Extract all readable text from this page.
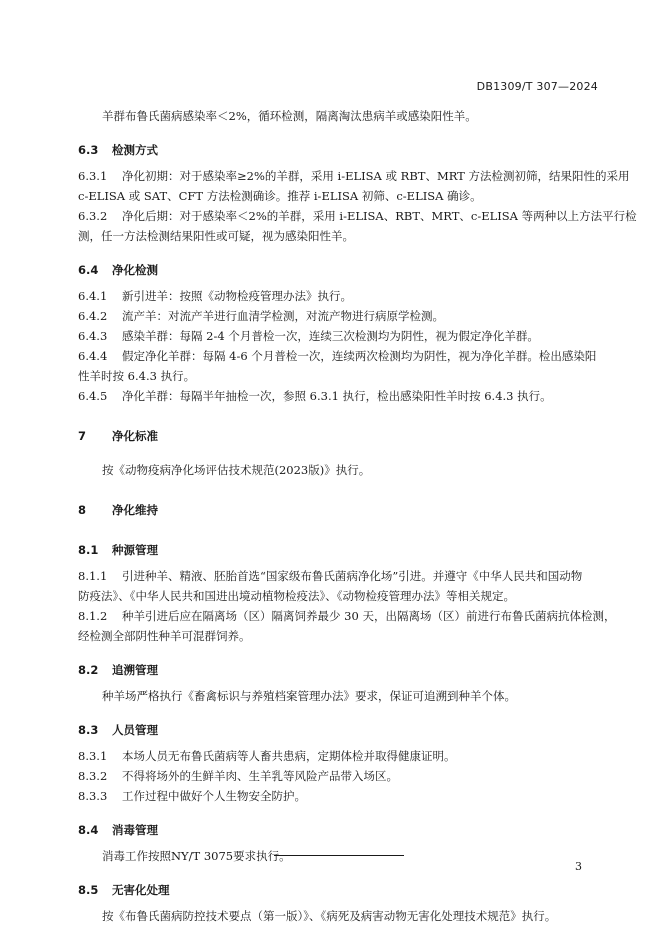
DB1309/T 307—2024
羊群布鲁氏菌病感染率＜2%，循环检测，隔离淘汰患病羊或感染阳性羊。
6.3 检测方式
6.3.1 净化初期：对于感染率≥2%的羊群，采用 i-ELISA 或 RBT、MRT 方法检测初筛，结果阳性的采用
c-ELISA 或 SAT、CFT 方法检测确诊。推荐 i-ELISA 初筛、c-ELISA 确诊。
6.3.2 净化后期：对于感染率＜2%的羊群，采用 i-ELISA、RBT、MRT、c-ELISA 等两种以上方法平行检
测，任一方法检测结果阳性或可疑，视为感染阳性羊。
6.4 净化检测
6.4.1 新引进羊：按照《动物检疫管理办法》执行。
6.4.2 流产羊：对流产羊进行血清学检测，对流产物进行病原学检测。
6.4.3 感染羊群：每隔 2-4 个月普检一次，连续三次检测均为阴性，视为假定净化羊群。
6.4.4 假定净化羊群：每隔 4-6 个月普检一次，连续两次检测均为阴性，视为净化羊群。检出感染阳
性羊时按 6.4.3 执行。
6.4.5 净化羊群：每隔半年抽检一次，参照 6.3.1 执行，检出感染阳性羊时按 6.4.3 执行。
7 净化标准
按《动物疫病净化场评估技术规范(2023版)》执行。
8 净化维持
8.1 种源管理
8.1.1 引进种羊、精液、胚胎首选“国家级布鲁氏菌病净化场”引进。并遵守《中华人民共和国动物
防疫法》、《中华人民共和国进出境动植物检疫法》、《动物检疫管理办法》等相关规定。
8.1.2 种羊引进后应在隔离场（区）隔离饲养最少 30 天，出隔离场（区）前进行布鲁氏菌病抗体检测，
经检测全部阴性种羊可混群饲养。
8.2 追溯管理
种羊场严格执行《畜禽标识与养殖档案管理办法》要求，保证可追溯到种羊个体。
8.3 人员管理
8.3.1 本场人员无布鲁氏菌病等人畜共患病，定期体检并取得健康证明。
8.3.2 不得将场外的生鲜羊肉、生羊乳等风险产品带入场区。
8.3.3 工作过程中做好个人生物安全防护。
8.4 消毒管理
消毒工作按照NY/T 3075要求执行。
8.5 无害化处理
按《布鲁氏菌病防控技术要点（第一版）》、《病死及病害动物无害化处理技术规范》执行。
3
